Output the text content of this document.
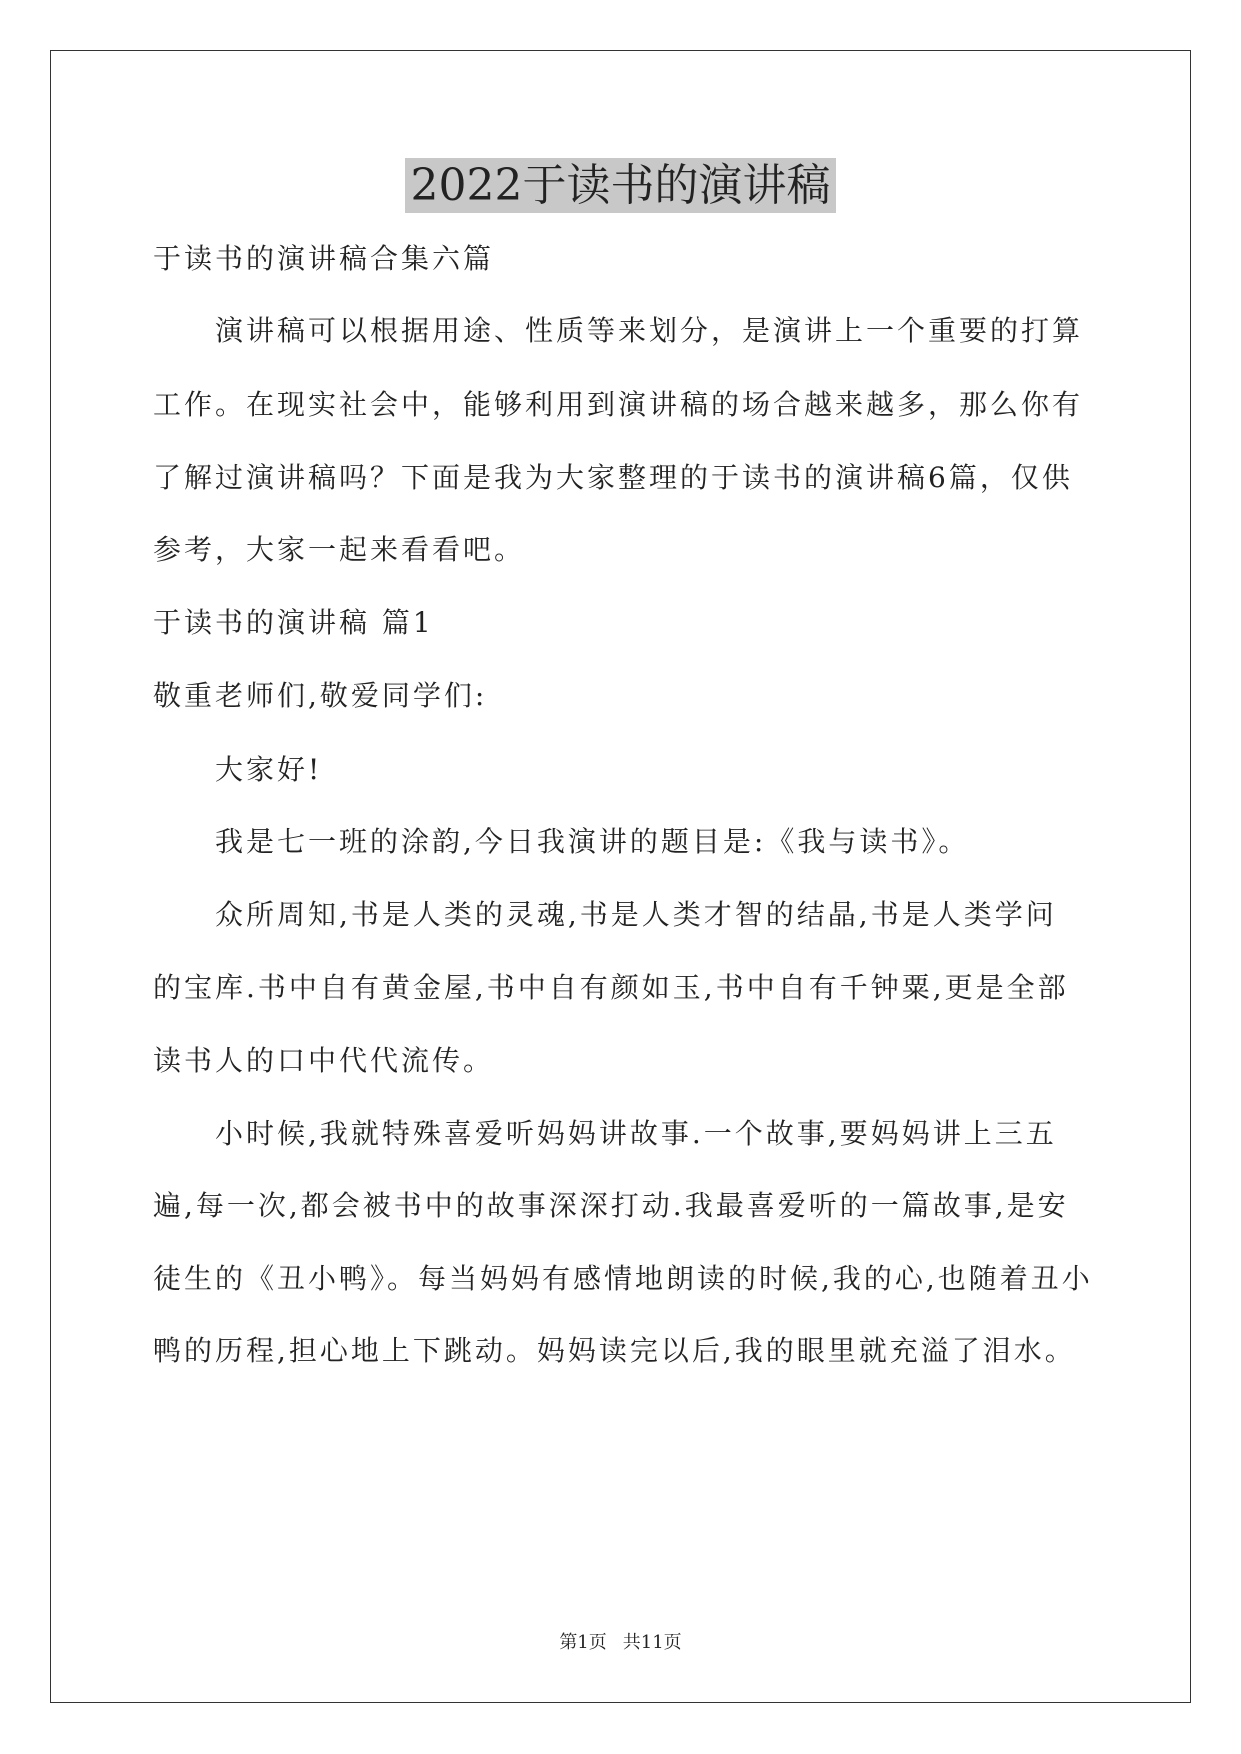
2022于读书的演讲稿

于读书的演讲稿合集六篇

演讲稿可以根据用途、性质等来划分，是演讲上一个重要的打算

工作。在现实社会中，能够利用到演讲稿的场合越来越多，那么你有

了解过演讲稿吗？下面是我为大家整理的于读书的演讲稿6篇，仅供

参考，大家一起来看看吧。

于读书的演讲稿 篇1

敬重老师们,敬爱同学们:

大家好!

我是七一班的涂韵,今日我演讲的题目是:《我与读书》。

众所周知,书是人类的灵魂,书是人类才智的结晶,书是人类学问

的宝库.书中自有黄金屋,书中自有颜如玉,书中自有千钟粟,更是全部

读书人的口中代代流传。

小时候,我就特殊喜爱听妈妈讲故事.一个故事,要妈妈讲上三五

遍,每一次,都会被书中的故事深深打动.我最喜爱听的一篇故事,是安

徒生的《丑小鸭》。每当妈妈有感情地朗读的时候,我的心,也随着丑小

鸭的历程,担心地上下跳动。妈妈读完以后,我的眼里就充溢了泪水。

第1页 共11页
